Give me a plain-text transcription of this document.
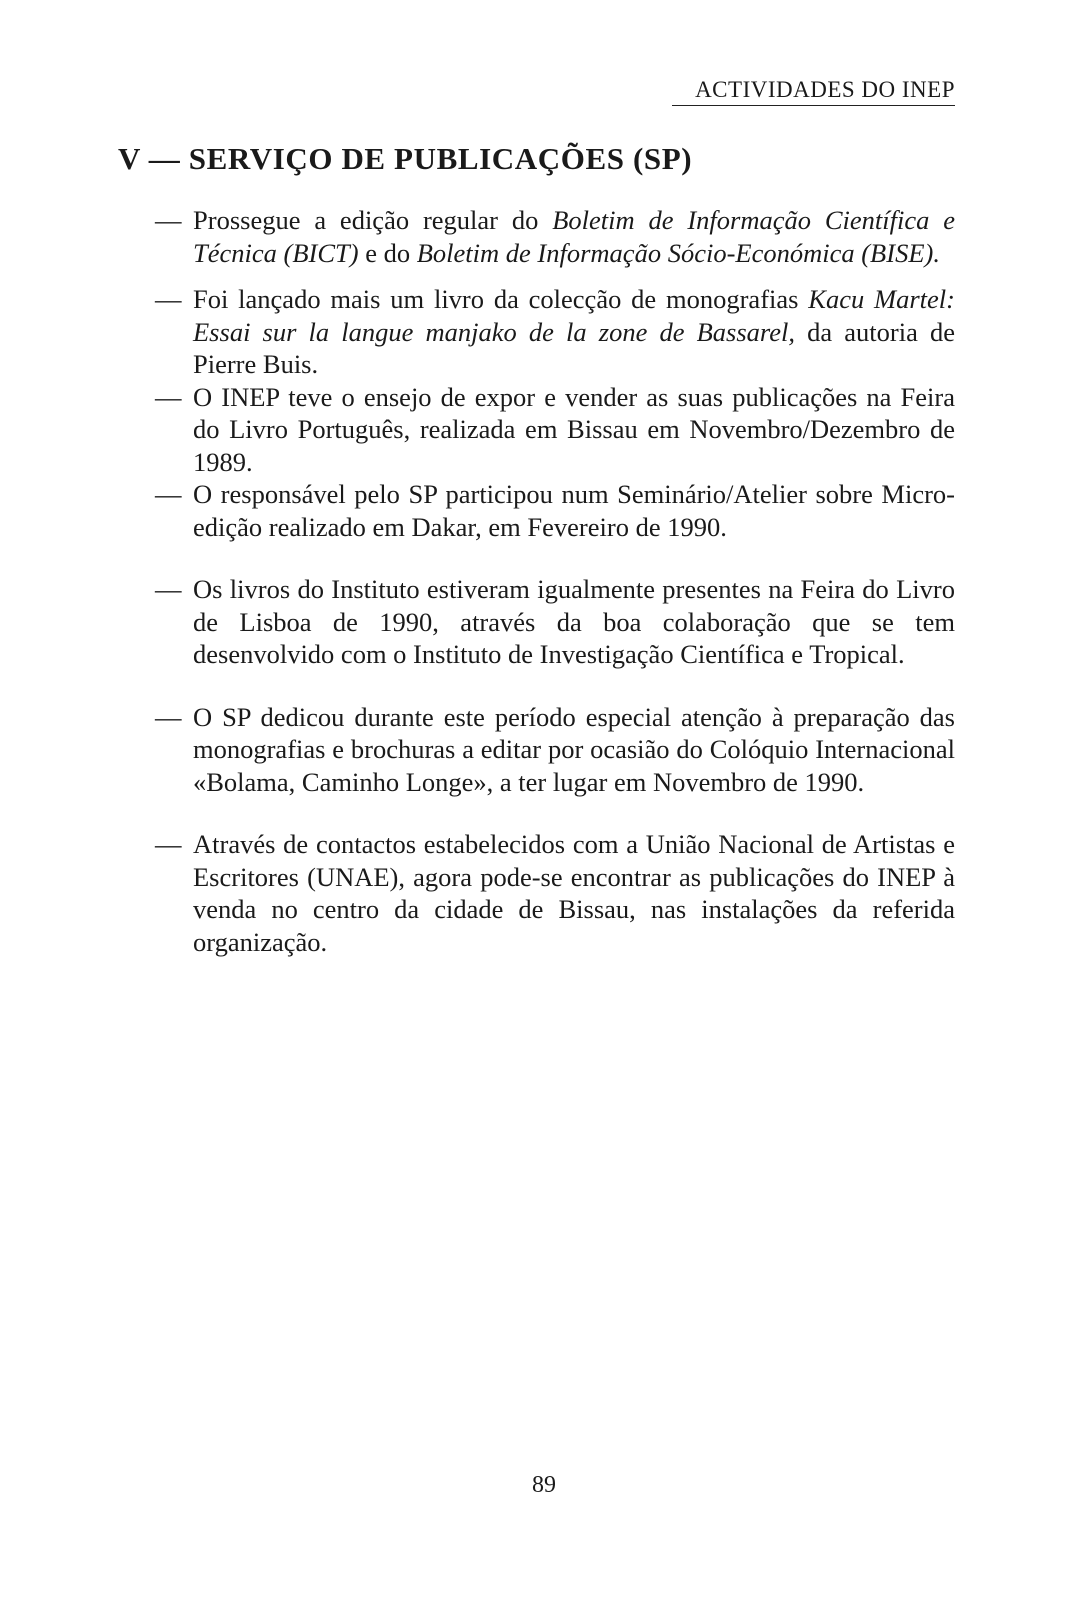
ACTIVIDADES DO INEP
V — SERVIÇO DE PUBLICAÇÕES (SP)
— Prossegue a edição regular do Boletim de Informação Científica e Técnica (BICT) e do Boletim de Informação Sócio-Económica (BISE).
— Foi lançado mais um livro da colecção de monografias Kacu Martel: Essai sur la langue manjako de la zone de Bassarel, da autoria de Pierre Buis.
— O INEP teve o ensejo de expor e vender as suas publicações na Feira do Livro Português, realizada em Bissau em Novembro/Dezembro de 1989.
— O responsável pelo SP participou num Seminário/Atelier sobre Micro-edição realizado em Dakar, em Fevereiro de 1990.
— Os livros do Instituto estiveram igualmente presentes na Feira do Livro de Lisboa de 1990, através da boa colaboração que se tem desenvolvido com o Instituto de Investigação Científica e Tropical.
— O SP dedicou durante este período especial atenção à preparação das monografias e brochuras a editar por ocasião do Colóquio Internacional «Bolama, Caminho Longe», a ter lugar em Novembro de 1990.
— Através de contactos estabelecidos com a União Nacional de Artistas e Escritores (UNAE), agora pode-se encontrar as publicações do INEP à venda no centro da cidade de Bissau, nas instalações da referida organização.
89
